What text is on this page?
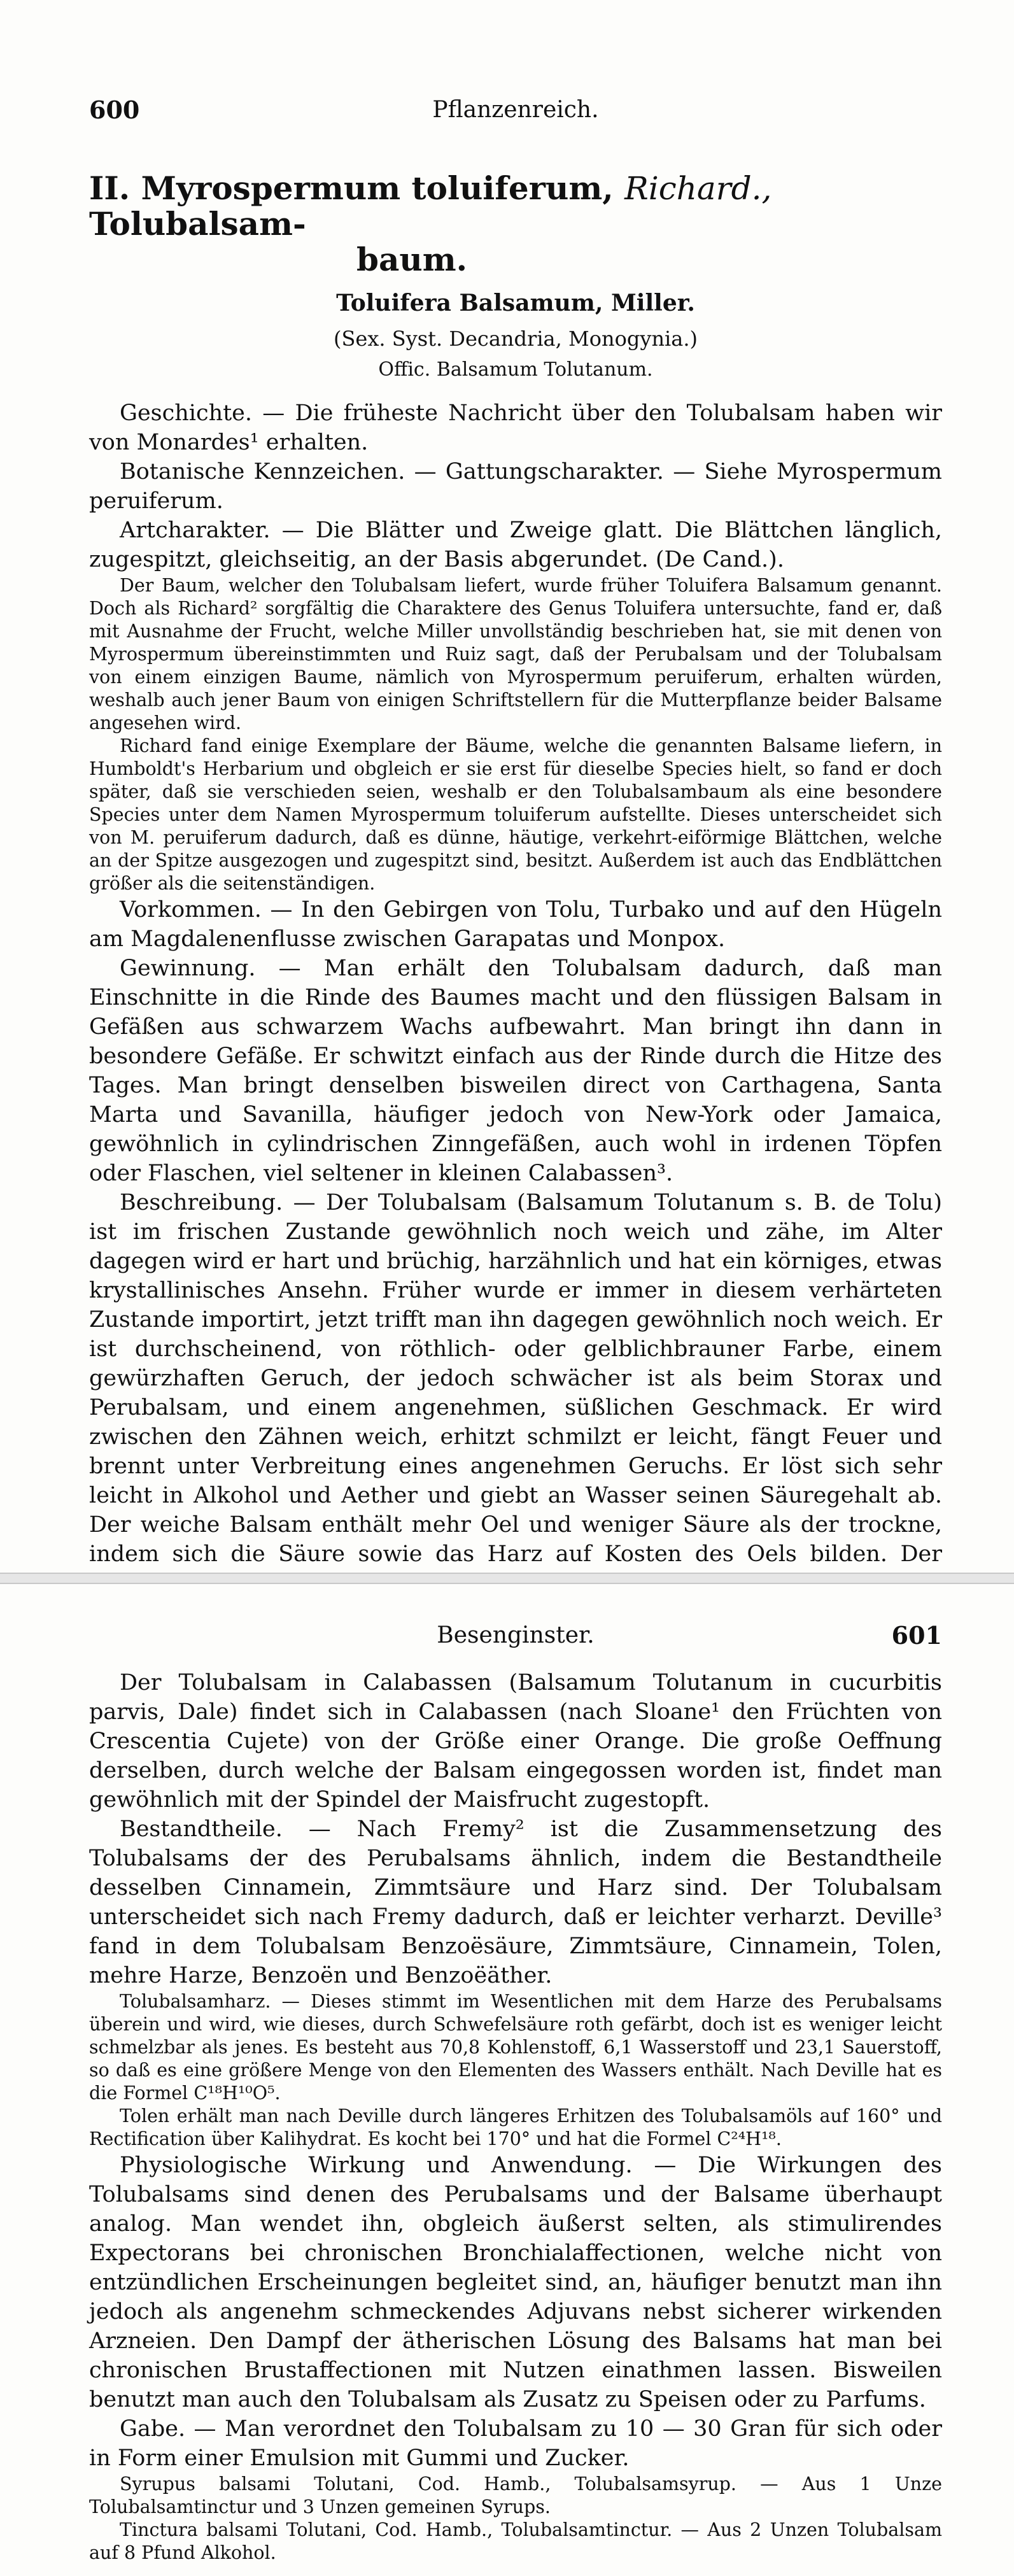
600	Pflanzenreich.
II. Myrospermum toluiferum, Richard., Tolubalsam-
baum.
Toluifera Balsamum, Miller.
(Sex. Syst. Decandria, Monogynia.)
Offic. Balsamum Tolutanum.

Geschichte. — Die früheste Nachricht über den Tolubalsam haben wir von Monardes¹ erhalten.

Botanische Kennzeichen. — Gattungscharakter. — Siehe Myrospermum peruiferum.

Artcharakter. — Die Blätter und Zweige glatt. Die Blättchen länglich, zugespitzt, gleichseitig, an der Basis abgerundet. (De Cand.).

Der Baum, welcher den Tolubalsam liefert, wurde früher Toluifera Balsamum genannt. Doch als Richard² sorgfältig die Charaktere des Genus Toluifera untersuchte, fand er, daß mit Ausnahme der Frucht, welche Miller unvollständig beschrieben hat, sie mit denen von Myrospermum übereinstimmten und Ruiz sagt, daß der Perubalsam und der Tolubalsam von einem einzigen Baume, nämlich von Myrospermum peruiferum, erhalten würden, weshalb auch jener Baum von einigen Schriftstellern für die Mutterpflanze beider Balsame angesehen wird.

Richard fand einige Exemplare der Bäume, welche die genannten Balsame liefern, in Humboldt's Herbarium und obgleich er sie erst für dieselbe Species hielt, so fand er doch später, daß sie verschieden seien, weshalb er den Tolubalsambaum als eine besondere Species unter dem Namen Myrospermum toluiferum aufstellte. Dieses unterscheidet sich von M. peruiferum dadurch, daß es dünne, häutige, verkehrt-eiförmige Blättchen, welche an der Spitze ausgezogen und zugespitzt sind, besitzt. Außerdem ist auch das Endblättchen größer als die seitenständigen.

Vorkommen. — In den Gebirgen von Tolu, Turbako und auf den Hügeln am Magdalenenflusse zwischen Garapatas und Monpox.

Gewinnung. — Man erhält den Tolubalsam dadurch, daß man Einschnitte in die Rinde des Baumes macht und den flüssigen Balsam in Gefäßen aus schwarzem Wachs aufbewahrt. Man bringt ihn dann in besondere Gefäße. Er schwitzt einfach aus der Rinde durch die Hitze des Tages. Man bringt denselben bisweilen direct von Carthagena, Santa Marta und Savanilla, häufiger jedoch von New-York oder Jamaica, gewöhnlich in cylindrischen Zinngefäßen, auch wohl in irdenen Töpfen oder Flaschen, viel seltener in kleinen Calabassen³.

Beschreibung. — Der Tolubalsam (Balsamum Tolutanum s. B. de Tolu) ist im frischen Zustande gewöhnlich noch weich und zähe, im Alter dagegen wird er hart und brüchig, harzähnlich und hat ein körniges, etwas krystallinisches Ansehn. Früher wurde er immer in diesem verhärteten Zustande importirt, jetzt trifft man ihn dagegen gewöhnlich noch weich. Er ist durchscheinend, von röthlich- oder gelblichbrauner Farbe, einem gewürzhaften Geruch, der jedoch schwächer ist als beim Storax und Perubalsam, und einem angenehmen, süßlichen Geschmack. Er wird zwischen den Zähnen weich, erhitzt schmilzt er leicht, fängt Feuer und brennt unter Verbreitung eines angenehmen Geruchs. Er löst sich sehr leicht in Alkohol und Aether und giebt an Wasser seinen Säuregehalt ab. Der weiche Balsam enthält mehr Oel und weniger Säure als der trockne, indem sich die Säure sowie das Harz auf Kosten des Oels bilden. Der

Besenginster.	601

Der Tolubalsam in Calabassen (Balsamum Tolutanum in cucurbitis parvis, Dale) findet sich in Calabassen (nach Sloane¹ den Früchten von Crescentia Cujete) von der Größe einer Orange. Die große Oeffnung derselben, durch welche der Balsam eingegossen worden ist, findet man gewöhnlich mit der Spindel der Maisfrucht zugestopft.

Bestandtheile. — Nach Fremy² ist die Zusammensetzung des Tolubalsams der des Perubalsams ähnlich, indem die Bestandtheile desselben Cinnamein, Zimmtsäure und Harz sind. Der Tolubalsam unterscheidet sich nach Fremy dadurch, daß er leichter verharzt. Deville³ fand in dem Tolubalsam Benzoësäure, Zimmtsäure, Cinnamein, Tolen, mehre Harze, Benzoën und Benzoëäther.

Tolubalsamharz. — Dieses stimmt im Wesentlichen mit dem Harze des Perubalsams überein und wird, wie dieses, durch Schwefelsäure roth gefärbt, doch ist es weniger leicht schmelzbar als jenes. Es besteht aus 70,8 Kohlenstoff, 6,1 Wasserstoff und 23,1 Sauerstoff, so daß es eine größere Menge von den Elementen des Wassers enthält. Nach Deville hat es die Formel C¹⁸H¹⁰O⁵.

Tolen erhält man nach Deville durch längeres Erhitzen des Tolubalsamöls auf 160° und Rectification über Kalihydrat. Es kocht bei 170° und hat die Formel C²⁴H¹⁸.

Physiologische Wirkung und Anwendung. — Die Wirkungen des Tolubalsams sind denen des Perubalsams und der Balsame überhaupt analog. Man wendet ihn, obgleich äußerst selten, als stimulirendes Expectorans bei chronischen Bronchialaffectionen, welche nicht von entzündlichen Erscheinungen begleitet sind, an, häufiger benutzt man ihn jedoch als angenehm schmeckendes Adjuvans nebst sicherer wirkenden Arzneien. Den Dampf der ätherischen Lösung des Balsams hat man bei chronischen Brustaffectionen mit Nutzen einathmen lassen. Bisweilen benutzt man auch den Tolubalsam als Zusatz zu Speisen oder zu Parfums.

Gabe. — Man verordnet den Tolubalsam zu 10 — 30 Gran für sich oder in Form einer Emulsion mit Gummi und Zucker.

Syrupus balsami Tolutani, Cod. Hamb., Tolubalsamsyrup. — Aus 1 Unze Tolubalsamtinctur und 3 Unzen gemeinen Syrups.

Tinctura balsami Tolutani, Cod. Hamb., Tolubalsamtinctur. — Aus 2 Unzen Tolubalsam auf 8 Pfund Alkohol.
